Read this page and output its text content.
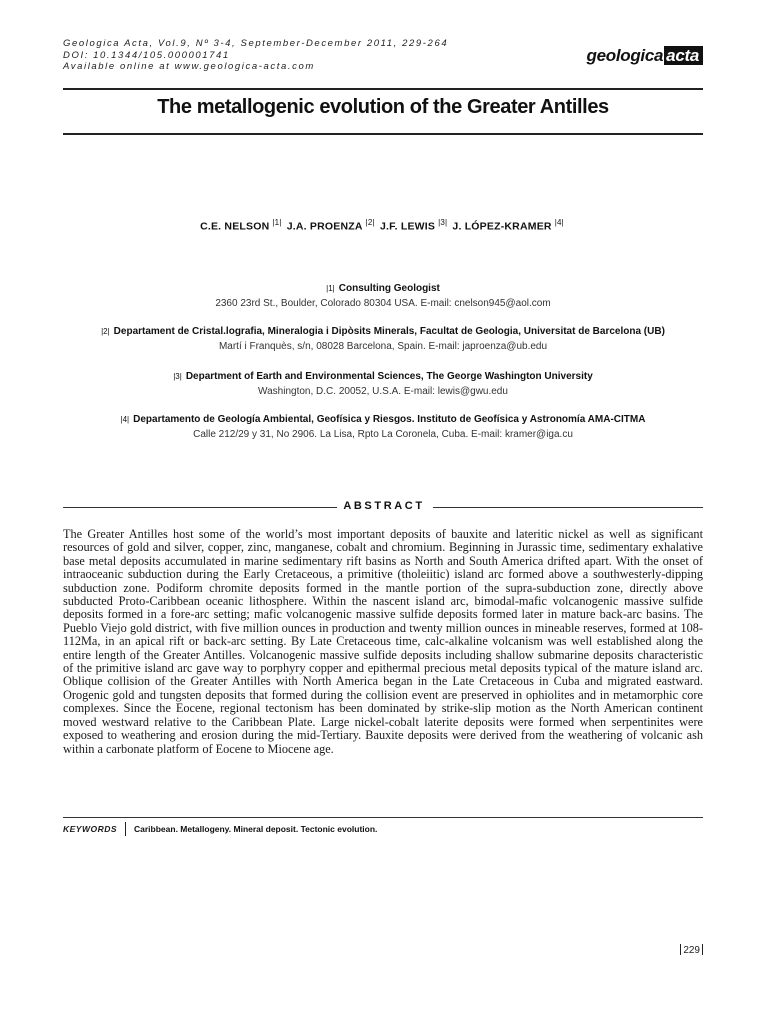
Geologica Acta, Vol.9, Nº 3-4, September-December 2011, 229-264
DOI: 10.1344/105.000001741
Available online at www.geologica-acta.com
geologica acta
The metallogenic evolution of the Greater Antilles
C.E. NELSON $^{|1|}$ J.A. PROENZA $^{|2|}$ J.F. LEWIS $^{|3|}$ J. LÓPEZ-KRAMER $^{|4|}$
|1| Consulting Geologist
2360 23rd St., Boulder, Colorado 80304 USA. E-mail: cnelson945@aol.com
|2| Departament de Cristal.lografia, Mineralogia i Dipòsits Minerals, Facultat de Geologia, Universitat de Barcelona (UB)
Martí i Franquès, s/n, 08028 Barcelona, Spain. E-mail: japroenza@ub.edu
|3| Department of Earth and Environmental Sciences, The George Washington University
Washington, D.C. 20052, U.S.A. E-mail: lewis@gwu.edu
|4| Departamento de Geología Ambiental, Geofísica y Riesgos. Instituto de Geofísica y Astronomía AMA-CITMA
Calle 212/29 y 31, No 2906. La Lisa, Rpto La Coronela, Cuba. E-mail: kramer@iga.cu
ABSTRACT

The Greater Antilles host some of the world’s most important deposits of bauxite and lateritic nickel as well as significant resources of gold and silver, copper, zinc, manganese, cobalt and chromium. Beginning in Jurassic time, sedimentary exhalative base metal deposits accumulated in marine sedimentary rift basins as North and South America drifted apart. With the onset of intraoceanic subduction during the Early Cretaceous, a primitive (tholeiitic) island arc formed above a southwesterly-dipping subduction zone. Podiform chromite deposits formed in the mantle portion of the supra-subduction zone, directly above subducted Proto-Caribbean oceanic lithosphere. Within the nascent island arc, bimodal-mafic volcanogenic massive sulfide deposits formed in a fore-arc setting; mafic volcanogenic massive sulfide deposits formed later in mature back-arc basins. The Pueblo Viejo gold district, with five million ounces in production and twenty million ounces in mineable reserves, formed at 108-112Ma, in an apical rift or back-arc setting. By Late Cretaceous time, calc-alkaline volcanism was well established along the entire length of the Greater Antilles. Volcanogenic massive sulfide deposits including shallow submarine deposits characteristic of the primitive island arc gave way to porphyry copper and epithermal precious metal deposits typical of the mature island arc. Oblique collision of the Greater Antilles with North America began in the Late Cretaceous in Cuba and migrated eastward. Orogenic gold and tungsten deposits that formed during the collision event are preserved in ophiolites and in metamorphic core complexes. Since the Eocene, regional tectonism has been dominated by strike-slip motion as the North American continent moved westward relative to the Caribbean Plate. Large nickel-cobalt laterite deposits were formed when serpentinites were exposed to weathering and erosion during the mid-Tertiary. Bauxite deposits were derived from the weathering of volcanic ash within a carbonate platform of Eocene to Miocene age.

KEYWORDS Caribbean. Metallogeny. Mineral deposit. Tectonic evolution.
229
